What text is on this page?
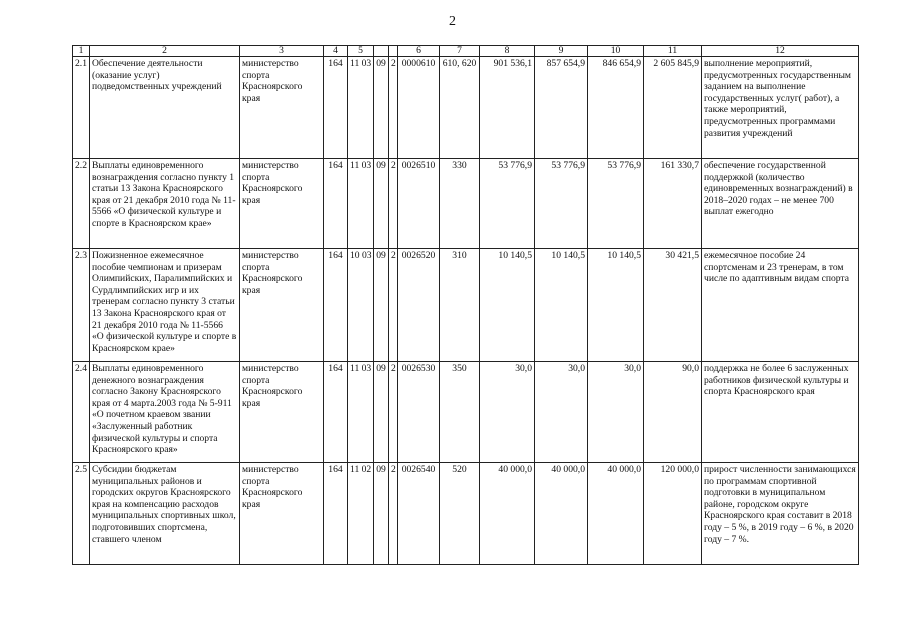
2
1	2	3	4	5			6	7	8	9	10	11	12
2.1	Обеспечение деятельности (оказание услуг) подведомственных учреждений	министерство спорта Красноярского края	164	11 03	09	2	0000610	610, 620	901 536,1	857 654,9	846 654,9	2 605 845,9	выполнение мероприятий, предусмотренных государственным заданием на выполнение государственных услуг( работ), а также мероприятий, предусмотренных программами развития учреждений
2.2	Выплаты единовременного вознаграждения согласно пункту 1 статьи 13 Закона Красноярского края от 21 декабря 2010 года № 11-5566 «О физической культуре и спорте в Красноярском крае»	министерство спорта Красноярского края	164	11 03	09	2	0026510	330	53 776,9	53 776,9	53 776,9	161 330,7	обеспечение государственной поддержкой (количество единовременных вознаграждений) в 2018–2020 годах – не менее 700 выплат ежегодно
2.3	Пожизненное ежемесячное пособие чемпионам и призерам Олимпийских, Паралимпийских и Сурдлимпийских игр и их тренерам согласно пункту 3 статьи 13 Закона Красноярского края от 21 декабря 2010 года № 11-5566 «О физической культуре и спорте в Красноярском крае»	министерство спорта Красноярского края	164	10 03	09	2	0026520	310	10 140,5	10 140,5	10 140,5	30 421,5	ежемесячное пособие 24 спортсменам и 23 тренерам, в том числе по адаптивным видам спорта
2.4	Выплаты единовременного денежного вознаграждения согласно Закону Красноярского края от 4 марта.2003 года № 5-911 «О почетном краевом звании «Заслуженный работник физической культуры и спорта Красноярского края»	министерство спорта Красноярского края	164	11 03	09	2	0026530	350	30,0	30,0	30,0	90,0	поддержка не более 6 заслуженных работников физической культуры и спорта Красноярского края
2.5	Субсидии бюджетам муниципальных районов и городских округов Красноярского края на компенсацию расходов муниципальных спортивных школ, подготовивших спортсмена, ставшего членом	министерство спорта Красноярского края	164	11 02	09	2	0026540	520	40 000,0	40 000,0	40 000,0	120 000,0	прирост численности занимающихся по программам спортивной подготовки в муниципальном районе, городском округе Красноярского края составит в 2018 году – 5 %, в 2019 году – 6 %, в 2020 году – 7 %.
